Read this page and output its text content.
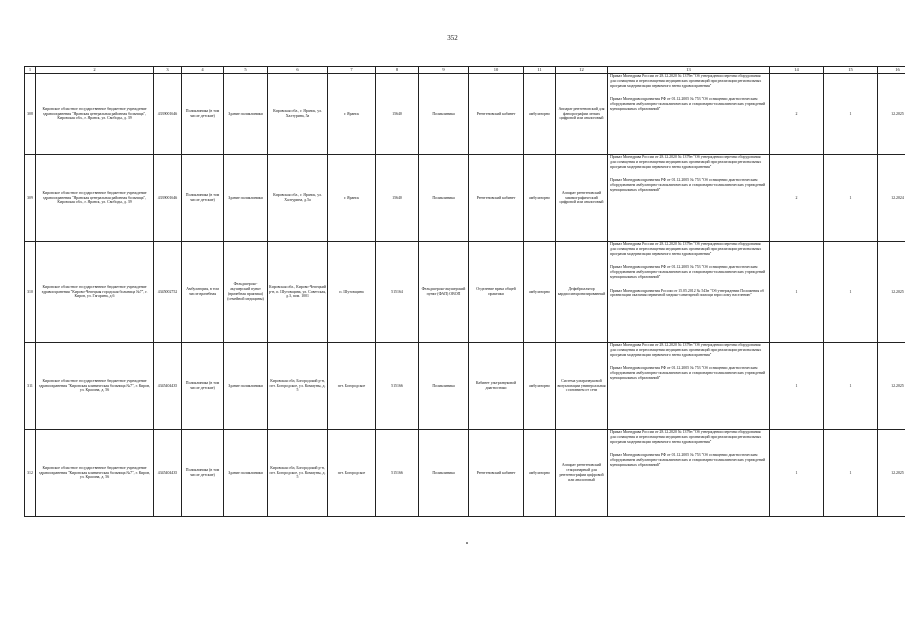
352
1	2	3	4	5	6	7	8	9	10	11	12	13	14	15	16
308	Кировское областное государственное бюджетное учреждение здравоохранения "Яранская центральная районная больница", Кировская обл., г. Яранск, ул. Свободы, д. 39	4339001646	Поликлиника (в том числе детские)	Здание поликлиники	Кировская обл., г. Яранск, ул. Халтурина, 5а	г. Яранск	15640	Поликлиника	Рентгеновский кабинет	амбулаторно	Аппарат рентгеновский для флюорографии легких цифровой или аналоговый	Приказ Минздрава России от 28.12.2020 № 1379н "Об утверждении перечня оборудования для оснащения и переоснащения медицинских организаций при реализации региональных программ модернизации первичного звена здравоохранения"
Приказ Минздравсоцразвития РФ от 01.12.2005 № 753 "Об оснащении диагностическим оборудованием амбулаторно-поликлинических и стационарно-поликлинических учреждений муниципальных образований"	2	1	12.2025
309	Кировское областное государственное бюджетное учреждение здравоохранения "Яранская центральная районная больница", Кировская обл., г. Яранск, ул. Свободы, д. 39	4339001646	Поликлиника (в том числе детские)	Здание поликлиники	Кировская обл., г. Яранск, ул. Халтурина, д.5а	г. Яранск	15640	Поликлиника	Рентгеновский кабинет	амбулаторно	Аппарат рентгеновский маммографический цифровой или аналоговый	Приказ Минздрава России от 28.12.2020 № 1379н "Об утверждении перечня оборудования для оснащения и переоснащения медицинских организаций при реализации региональных программ модернизации первичного звена здравоохранения"
Приказ Минздравсоцразвития РФ от 01.12.2005 № 753 "Об оснащении диагностическим оборудованием амбулаторно-поликлинических и стационарно-поликлинических учреждений муниципальных образований"	2	1	12.2024
310	Кировское областное государственное бюджетное учреждение здравоохранения "Кирово-Чепецкая городская больница №7", г. Киров, ул. Гагарина, д.6	4345002752	Амбулатория, в том числе врачебная	Фельдшерско-акушерский пункт (врачебная практика) (семейной медицины)	Кировская обл., Кирово-Чепецкий р-н, п. Шутовщина, ул. Советская, д.3, пом. 1001	п. Шутовщина	515164	Фельдшерско-акушерский пункт (ФАП) ОВОП	Отделение врача общей практики	амбулаторно	Дефибриллятор кардиосинхронизированный	Приказ Минздрава России от 28.12.2020 № 1379н "Об утверждении перечня оборудования для оснащения и переоснащения медицинских организаций при реализации региональных программ модернизации первичного звена здравоохранения"
Приказ Минздравсоцразвития РФ от 01.12.2005 № 753 "Об оснащении диагностическим оборудованием амбулаторно-поликлинических и стационарно-поликлинических учреждений муниципальных образований"
Приказ Минздравсоцразвития России от 15.05.2012 № 543н "Об утверждении Положения об организации оказания первичной медико-санитарной помощи взрослому населению"	1	1	12.2025
311	Кировское областное государственное бюджетное учреждение здравоохранения "Кировская клиническая больница №7", г. Киров, ул. Красина, д. 56	4345404435	Поликлиника (в том числе детские)	Здание поликлиники	Кировская обл, Богородский р-н, пгт. Богородское, ул. Коммуны, д. 5	пгт. Богородское	515166	Поликлиника	Кабинет ультразвуковой диагностики	амбулаторно	Система ультразвуковой визуализации универсальная с питанием от сети	Приказ Минздрава России от 28.12.2020 № 1379н "Об утверждении перечня оборудования для оснащения и переоснащения медицинских организаций при реализации региональных программ модернизации первичного звена здравоохранения"
Приказ Минздравсоцразвития РФ от 01.12.2005 № 753 "Об оснащении диагностическим оборудованием амбулаторно-поликлинических и стационарно-поликлинических учреждений муниципальных образований"	1	1	12.2025
312	Кировское областное государственное бюджетное учреждение здравоохранения "Кировская клиническая больница №7", г. Киров, ул. Красина, д. 56	4345404435	Поликлиника (в том числе детские)	Здание поликлиники	Кировская обл, Богородский р-н, пгт. Богородское, ул. Коммуны, д. 5	пгт. Богородское	515166	Поликлиника	Рентгеновский кабинет	амбулаторно	Аппарат рентгеновский стационарный для рентгенографии цифровой или аналоговый	Приказ Минздрава России от 28.12.2020 № 1379н "Об утверждении перечня оборудования для оснащения и переоснащения медицинских организаций при реализации региональных программ модернизации первичного звена здравоохранения"
Приказ Минздравсоцразвития РФ от 01.12.2005 № 753 "Об оснащении диагностическим оборудованием амбулаторно-поликлинических и стационарно-поликлинических учреждений муниципальных образований"	1	1	12.2025
